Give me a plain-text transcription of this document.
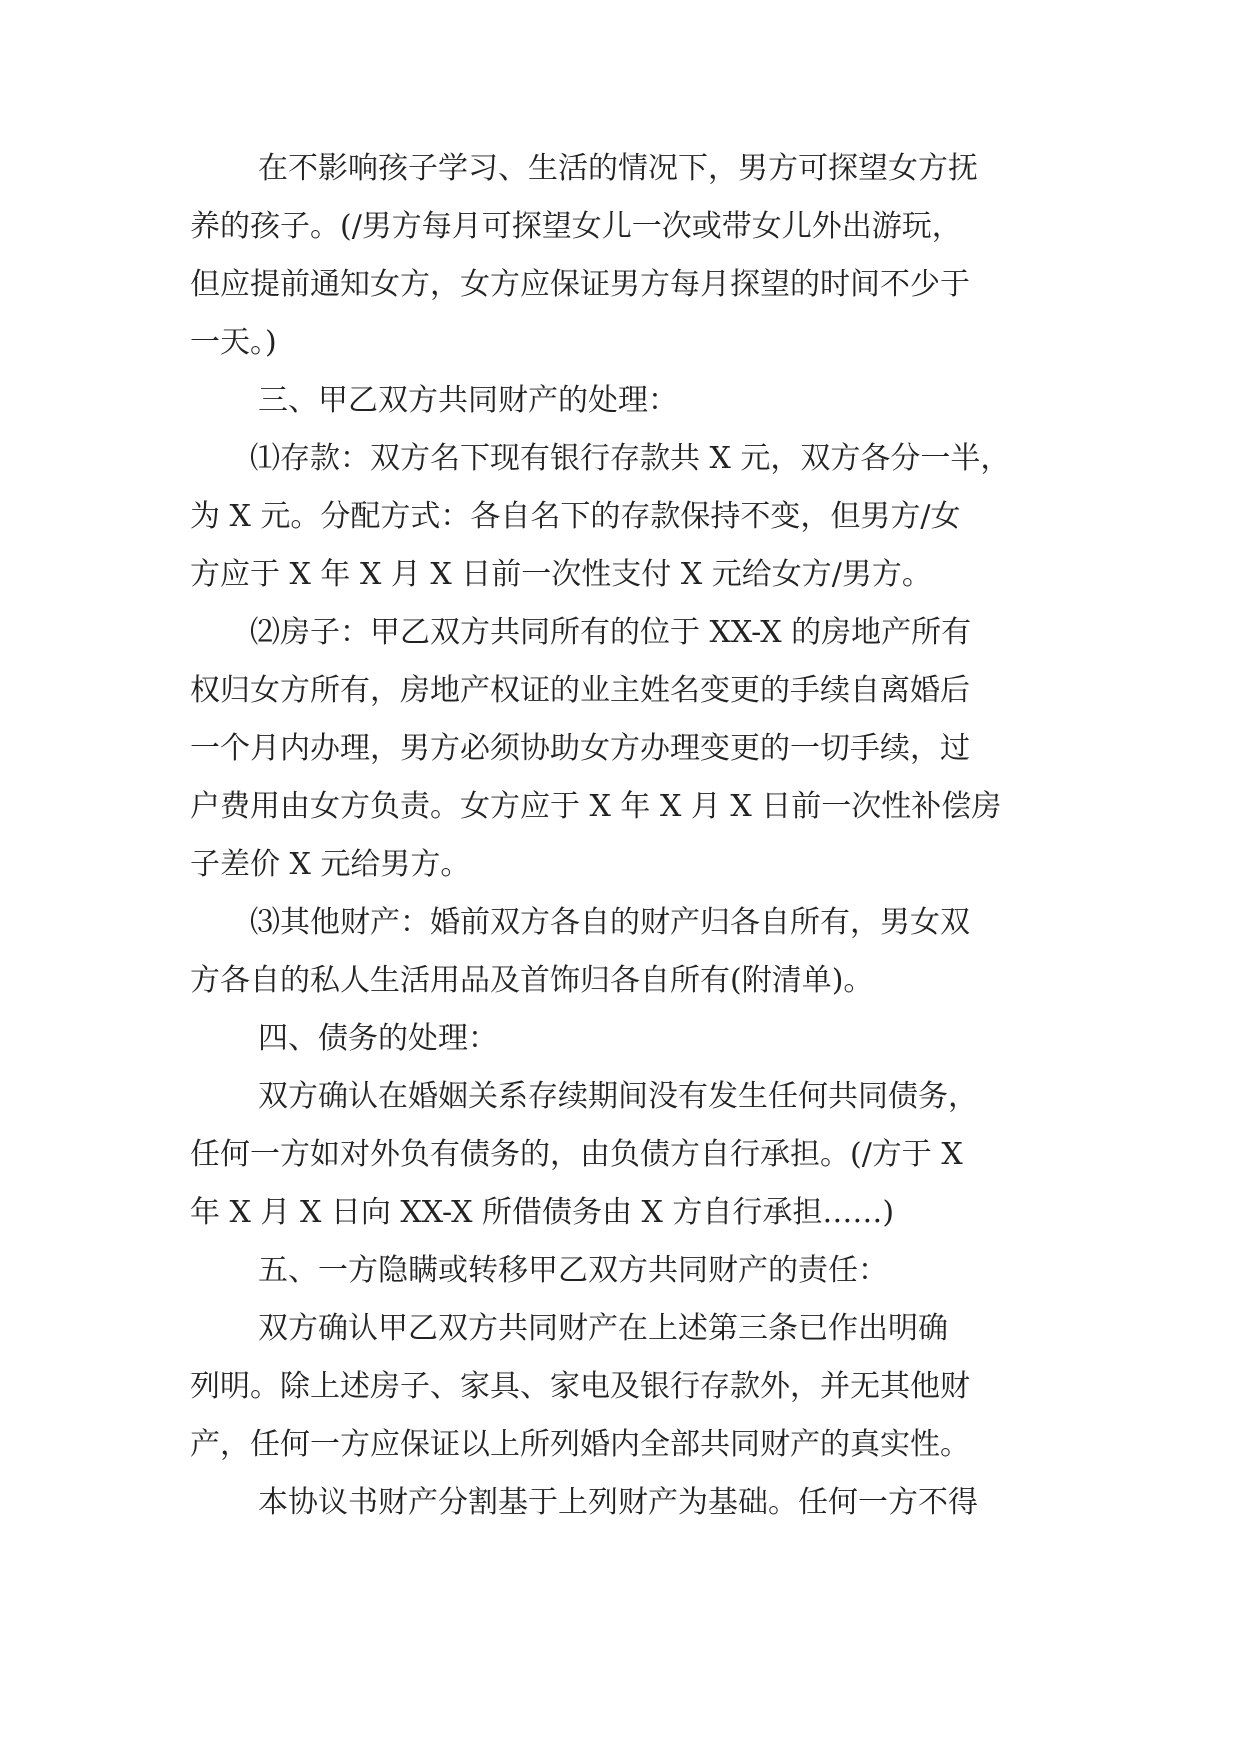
在不影响孩子学习、生活的情况下，男方可探望女方抚
养的孩子。(/男方每月可探望女儿一次或带女儿外出游玩，
但应提前通知女方，女方应保证男方每月探望的时间不少于
一天。)
三、甲乙双方共同财产的处理：
⑴存款：双方名下现有银行存款共 X 元，双方各分一半，
为 X 元。分配方式：各自名下的存款保持不变，但男方/女
方应于 X 年 X 月 X 日前一次性支付 X 元给女方/男方。
⑵房子：甲乙双方共同所有的位于 XX-X 的房地产所有
权归女方所有，房地产权证的业主姓名变更的手续自离婚后
一个月内办理，男方必须协助女方办理变更的一切手续，过
户费用由女方负责。女方应于 X 年 X 月 X 日前一次性补偿房
子差价 X 元给男方。
⑶其他财产：婚前双方各自的财产归各自所有，男女双
方各自的私人生活用品及首饰归各自所有(附清单)。
四、债务的处理：
双方确认在婚姻关系存续期间没有发生任何共同债务，
任何一方如对外负有债务的，由负债方自行承担。(/方于 X
年 X 月 X 日向 XX-X 所借债务由 X 方自行承担……)
五、一方隐瞒或转移甲乙双方共同财产的责任：
双方确认甲乙双方共同财产在上述第三条已作出明确
列明。除上述房子、家具、家电及银行存款外，并无其他财
产，任何一方应保证以上所列婚内全部共同财产的真实性。
本协议书财产分割基于上列财产为基础。任何一方不得
